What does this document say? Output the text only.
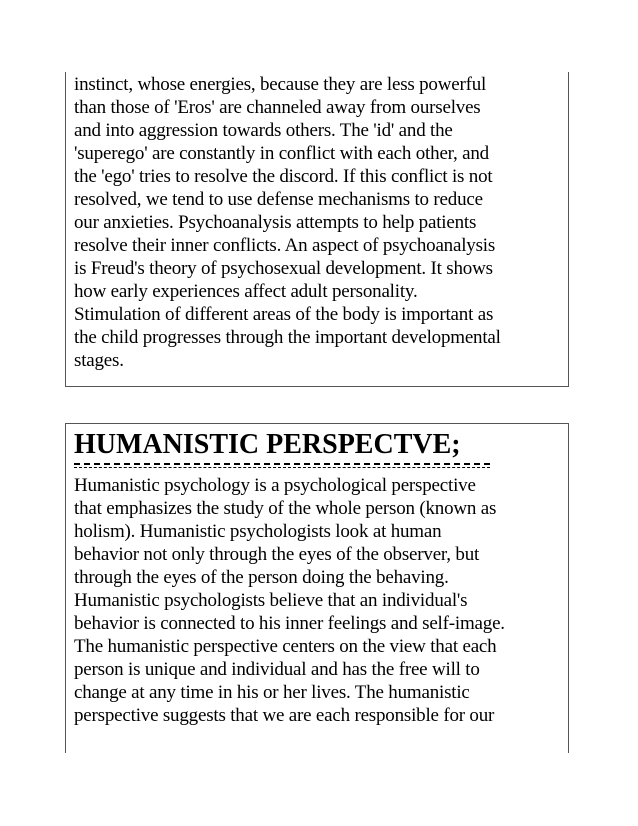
instinct, whose energies, because they are less powerful
than those of 'Eros' are channeled away from ourselves
and into aggression towards others. The 'id' and the
'superego' are constantly in conflict with each other, and
the 'ego' tries to resolve the discord. If this conflict is not
resolved, we tend to use defense mechanisms to reduce
our anxieties. Psychoanalysis attempts to help patients
resolve their inner conflicts. An aspect of psychoanalysis
is Freud's theory of psychosexual development. It shows
how early experiences affect adult personality.
Stimulation of different areas of the body is important as
the child progresses through the important developmental
stages.
HUMANISTIC PERSPECTVE;
Humanistic psychology is a psychological perspective
that emphasizes the study of the whole person (known as
holism). Humanistic psychologists look at human
behavior not only through the eyes of the observer, but
through the eyes of the person doing the behaving.
Humanistic psychologists believe that an individual's
behavior is connected to his inner feelings and self-image.
The humanistic perspective centers on the view that each
person is unique and individual and has the free will to
change at any time in his or her lives. The humanistic
perspective suggests that we are each responsible for our
